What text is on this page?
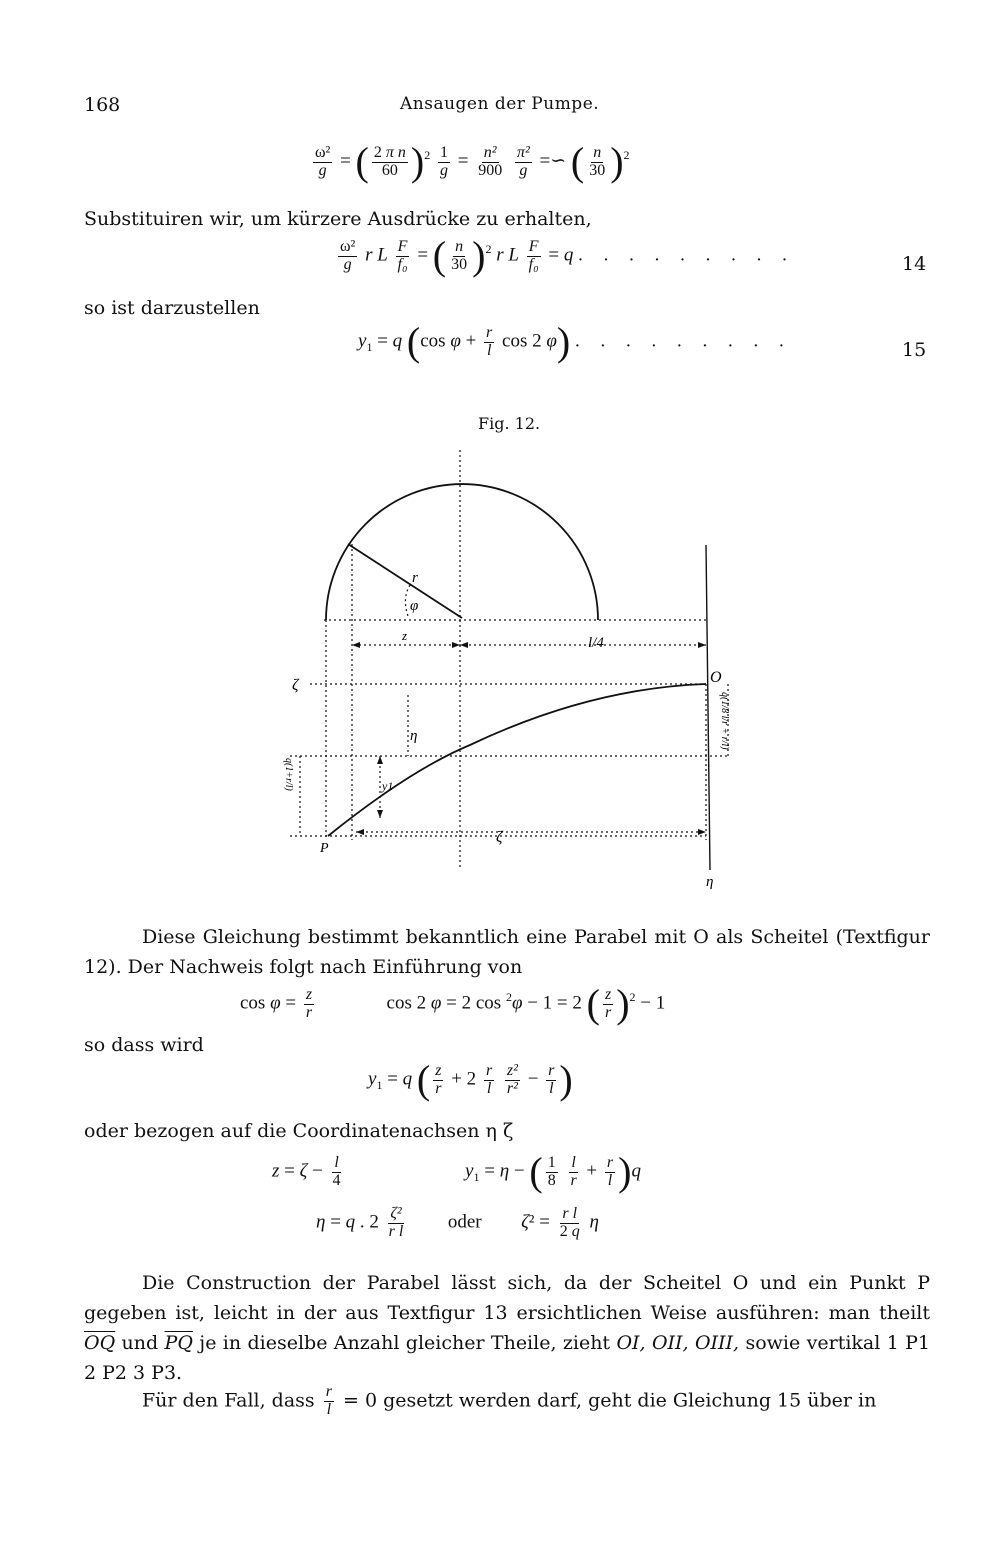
168	Ansaugen der Pumpe.
$\frac{\text{ω²}}{g}$ = ( $\frac{\text{2 π n}}{60} )^2 \frac{1}{g} = \frac{\text{n²}}{900}$
$\frac{\text{π²}}{g}$ =∽ ( $\frac{n}{30} )^2$
Substituiren wir, um kürzere Ausdrücke zu erhalten,
$\frac{\text{ω²}}{g}$ r L $\frac{F}{\text{f₀}}$ = ( $\frac{n}{30} )^2$ r L $\frac{F}{\text{f₀}} = q$ . . . . . . . . .	14
so ist darzustellen
$y_1 = q$ (cos $\varphi + \frac{r}{l}$ cos 2 φ) . . . . . . . . .	15
Fig. 12.
r
φ
z	l/4
ζ
ζ
η
η
y1
O
P
q(1/8 l/r + r/l)
q(1+r/l)
Diese Gleichung bestimmt bekanntlich eine Parabel mit O als Scheitel (Textfigur 12). Der Nachweis folgt nach Einführung von
$\cos \varphi = \frac{z}{r}$	cos 2 φ = 2 cos $^2$φ − 1 = 2 ( $\frac{z}{r} )^2 - 1$
so dass wird
$y_1 = q$ ( $\frac{z}{r} + 2 \frac{r}{l}$
$\frac{\text{z²}}{\text{r²}} - \frac{r}{l}$ )
oder bezogen auf die Coordinatenachsen η ζ
$z = \zeta - \frac{l}{4}$	$y_1 = \eta$ − ( $\frac{1}{8}$
$\frac{l}{r} + \frac{r}{l} )q$
η = q . $2 \frac{\text{ζ²}}{\text{r l}}$ oder $\zeta^2 = \frac{\text{r l}}{2 q}$ η
Die Construction der Parabel lässt sich, da der Scheitel O und ein Punkt P gegeben ist, leicht in der aus Textfigur 13 ersichtlichen Weise ausführen: man theilt $\overline{OQ}$ und $\overline{PQ}$ je in dieselbe Anzahl gleicher Theile, zieht OI, OII, OIII, sowie vertikal 1 P1 2 P2 3 P3.
Für den Fall, dass $\frac{r}{l} = 0$ gesetzt werden darf, geht die Gleichung 15 über in
